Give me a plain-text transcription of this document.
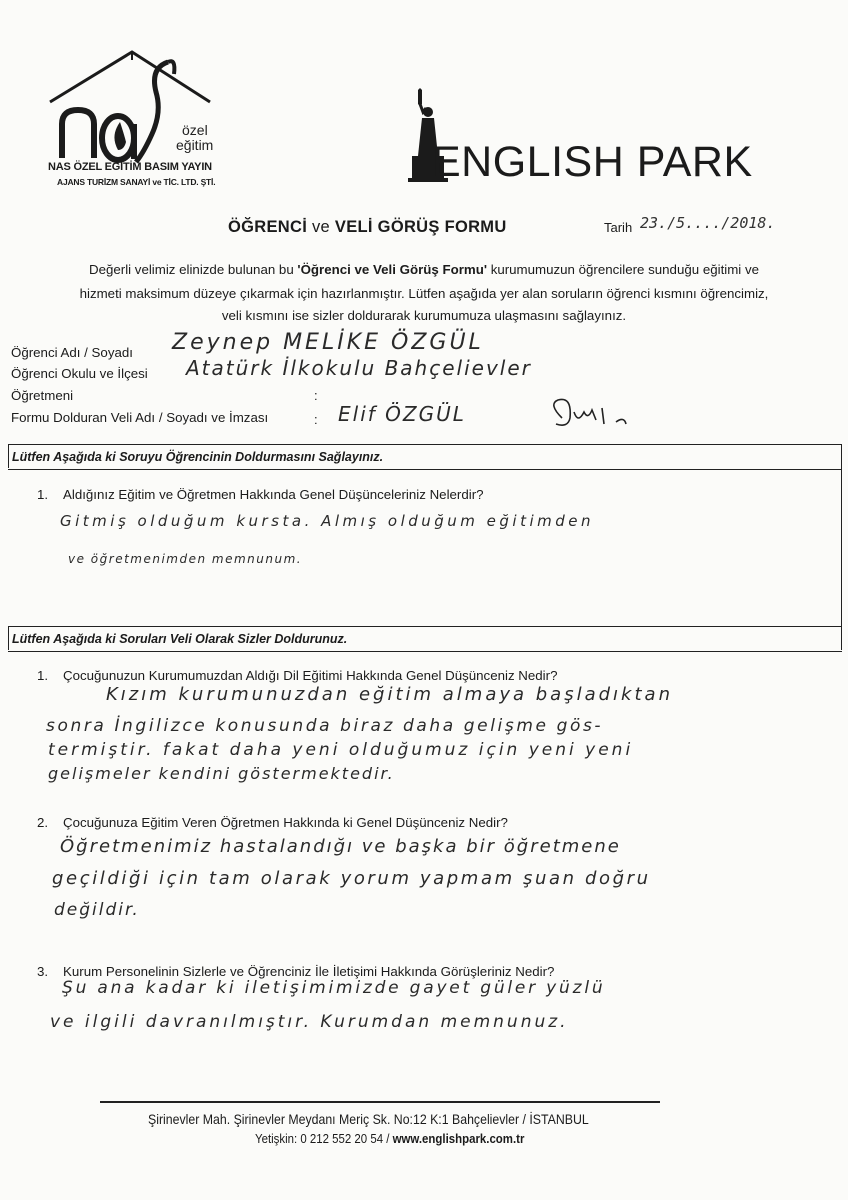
özel
eğitim
NAS ÖZEL EĞİTİM BASIM YAYIN
AJANS TURİZM SANAYİ ve TİC. LTD. ŞTİ.	ENGLISH PARK
ÖĞRENCİ ve VELİ GÖRÜŞ FORMU	Tarih 23./5..../2018.
Değerli velimiz elinizde bulunan bu 'Öğrenci ve Veli Görüş Formu' kurumumuzun öğrencilere sunduğu eğitimi ve
hizmeti maksimum düzeye çıkarmak için hazırlanmıştır. Lütfen aşağıda yer alan soruların öğrenci kısmını öğrencimiz,
veli kısmını ise sizler doldurarak kurumumuza ulaşmasını sağlayınız.
Öğrenci Adı / Soyadı Zeynep MELİKE ÖZGÜL
Öğrenci Okulu ve İlçesi Atatürk İlkokulu Bahçelievler
Öğretmeni	:
Formu Dolduran Veli Adı / Soyadı ve İmzası	: Elif ÖZGÜL
Lütfen Aşağıda ki Soruyu Öğrencinin Doldurmasını Sağlayınız.
1. Aldığınız Eğitim ve Öğretmen Hakkında Genel Düşünceleriniz Nelerdir?
Gitmiş olduğum kursta. Almış olduğum eğitimden
ve öğretmenimden memnunum.
Lütfen Aşağıda ki Soruları Veli Olarak Sizler Doldurunuz.
1. Çocuğunuzun Kurumumuzdan Aldığı Dil Eğitimi Hakkında Genel Düşünceniz Nedir?
Kızım kurumunuzdan eğitim almaya başladıktan
sonra İngilizce konusunda biraz daha gelişme gös-
termiştir. fakat daha yeni olduğumuz için yeni yeni
gelişmeler kendini göstermektedir.
2. Çocuğunuza Eğitim Veren Öğretmen Hakkında ki Genel Düşünceniz Nedir?
Öğretmenimiz hastalandığı ve başka bir öğretmene
geçildiği için tam olarak yorum yapmam şuan doğru
değildir.
3. Kurum Personelinin Sizlerle ve Öğrenciniz İle İletişimi Hakkında Görüşleriniz Nedir?
Şu ana kadar ki iletişimimizde gayet güler yüzlü
ve ilgili davranılmıştır. Kurumdan memnunuz.
Şirinevler Mah. Şirinevler Meydanı Meriç Sk. No:12 K:1 Bahçelievler / İSTANBUL
Yetişkin: 0 212 552 20 54 / www.englishpark.com.tr
